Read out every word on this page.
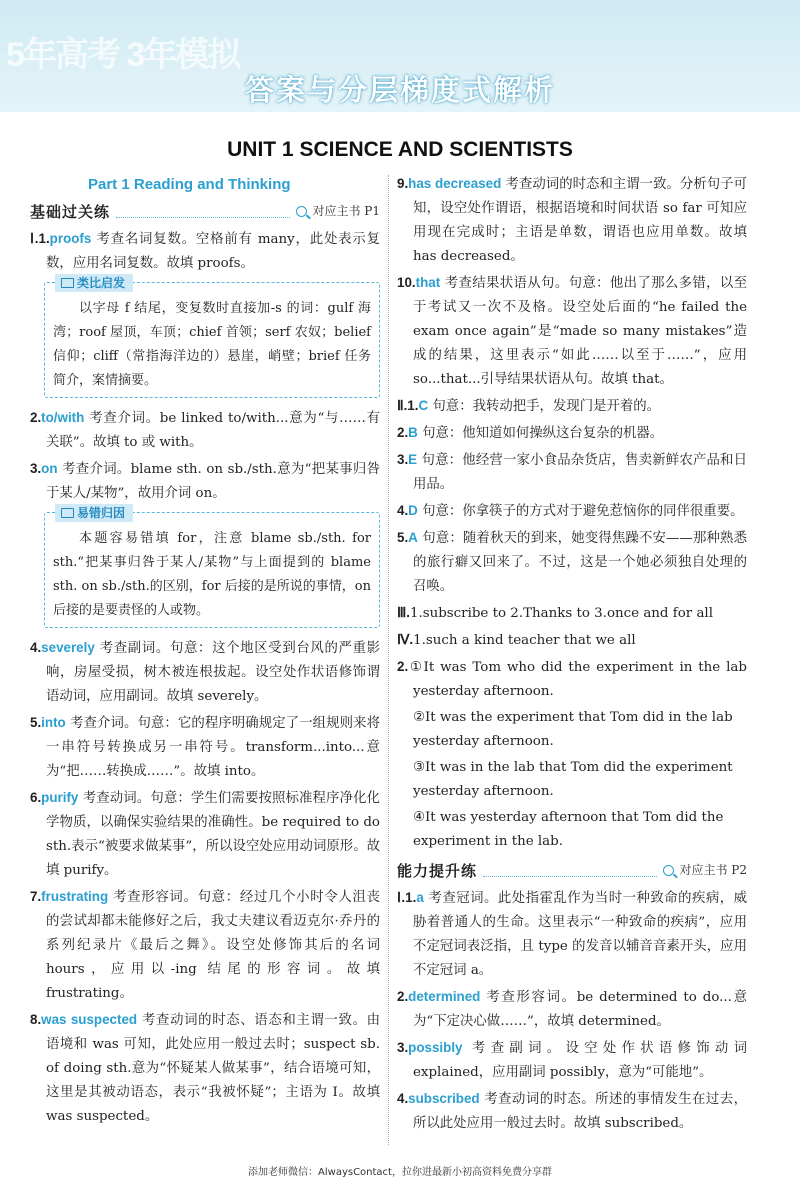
5年高考 3年模拟
答案与分层梯度式解析
UNIT 1 SCIENCE AND SCIENTISTS
Part 1 Reading and Thinking
基础过关练	对应主书 P1

Ⅰ.1.proofs 考查名词复数。空格前有 many，此处表示复数，应用名词复数。故填 proofs。

类比启发
以字母 f 结尾，变复数时直接加-s 的词：gulf 海湾；roof 屋顶，车顶；chief 首领；serf 农奴；belief 信仰；cliff（常指海洋边的）悬崖，峭壁；brief 任务简介，案情摘要。

2.to/with 考查介词。be linked to/with...意为“与……有关联”。故填 to 或 with。

3.on 考查介词。blame sth. on sb./sth.意为“把某事归咎于某人/某物”，故用介词 on。

易错归因
本题容易错填 for，注意 blame sb./sth. for sth.“把某事归咎于某人/某物”与上面提到的 blame sth. on sb./sth.的区别，for 后接的是所说的事情，on 后接的是要责怪的人或物。

4.severely 考查副词。句意：这个地区受到台风的严重影响，房屋受损，树木被连根拔起。设空处作状语修饰谓语动词，应用副词。故填 severely。

5.into 考查介词。句意：它的程序明确规定了一组规则来将一串符号转换成另一串符号。transform...into...意为“把……转换成……”。故填 into。

6.purify 考查动词。句意：学生们需要按照标准程序净化化学物质，以确保实验结果的准确性。be required to do sth.表示“被要求做某事”，所以设空处应用动词原形。故填 purify。

7.frustrating 考查形容词。句意：经过几个小时令人沮丧的尝试却都未能修好之后，我丈夫建议看迈克尔·乔丹的系列纪录片《最后之舞》。设空处修饰其后的名词 hours，应用以-ing 结尾的形容词。故填 frustrating。

8.was suspected 考查动词的时态、语态和主谓一致。由语境和 was 可知，此处应用一般过去时；suspect sb. of doing sth.意为“怀疑某人做某事”，结合语境可知，这里是其被动语态，表示“我被怀疑”；主语为 I。故填 was suspected。

9.has decreased 考查动词的时态和主谓一致。分析句子可知，设空处作谓语，根据语境和时间状语 so far 可知应用现在完成时；主语是单数，谓语也应用单数。故填 has decreased。

10.that 考查结果状语从句。句意：他出了那么多错，以至于考试又一次不及格。设空处后面的“he failed the exam once again”是“made so many mistakes”造成的结果，这里表示“如此……以至于……”，应用 so...that...引导结果状语从句。故填 that。

Ⅱ.1.C 句意：我转动把手，发现门是开着的。

2.B 句意：他知道如何操纵这台复杂的机器。

3.E 句意：他经营一家小食品杂货店，售卖新鲜农产品和日用品。

4.D 句意：你拿筷子的方式对于避免惹恼你的同伴很重要。

5.A 句意：随着秋天的到来，她变得焦躁不安——那种熟悉的旅行癖又回来了。不过，这是一个她必须独自处理的召唤。

Ⅲ.1.subscribe to 2.Thanks to 3.once and for all

Ⅳ.1.such a kind teacher that we all

2.①It was Tom who did the experiment in the lab yesterday afternoon.

②It was the experiment that Tom did in the lab yesterday afternoon.

③It was in the lab that Tom did the experiment yesterday afternoon.

④It was yesterday afternoon that Tom did the experiment in the lab.

能力提升练	对应主书 P2

Ⅰ.1.a 考查冠词。此处指霍乱作为当时一种致命的疾病，威胁着普通人的生命。这里表示“一种致命的疾病”，应用不定冠词表泛指，且 type 的发音以辅音音素开头，应用不定冠词 a。

2.determined 考查形容词。be determined to do...意为“下定决心做……”，故填 determined。

3.possibly 考查副词。设空处作状语修饰动词 explained，应用副词 possibly，意为“可能地”。

4.subscribed 考查动词的时态。所述的事情发生在过去，所以此处应用一般过去时。故填 subscribed。

添加老师微信：AlwaysContact，拉你进最新小初高资料免费分享群
